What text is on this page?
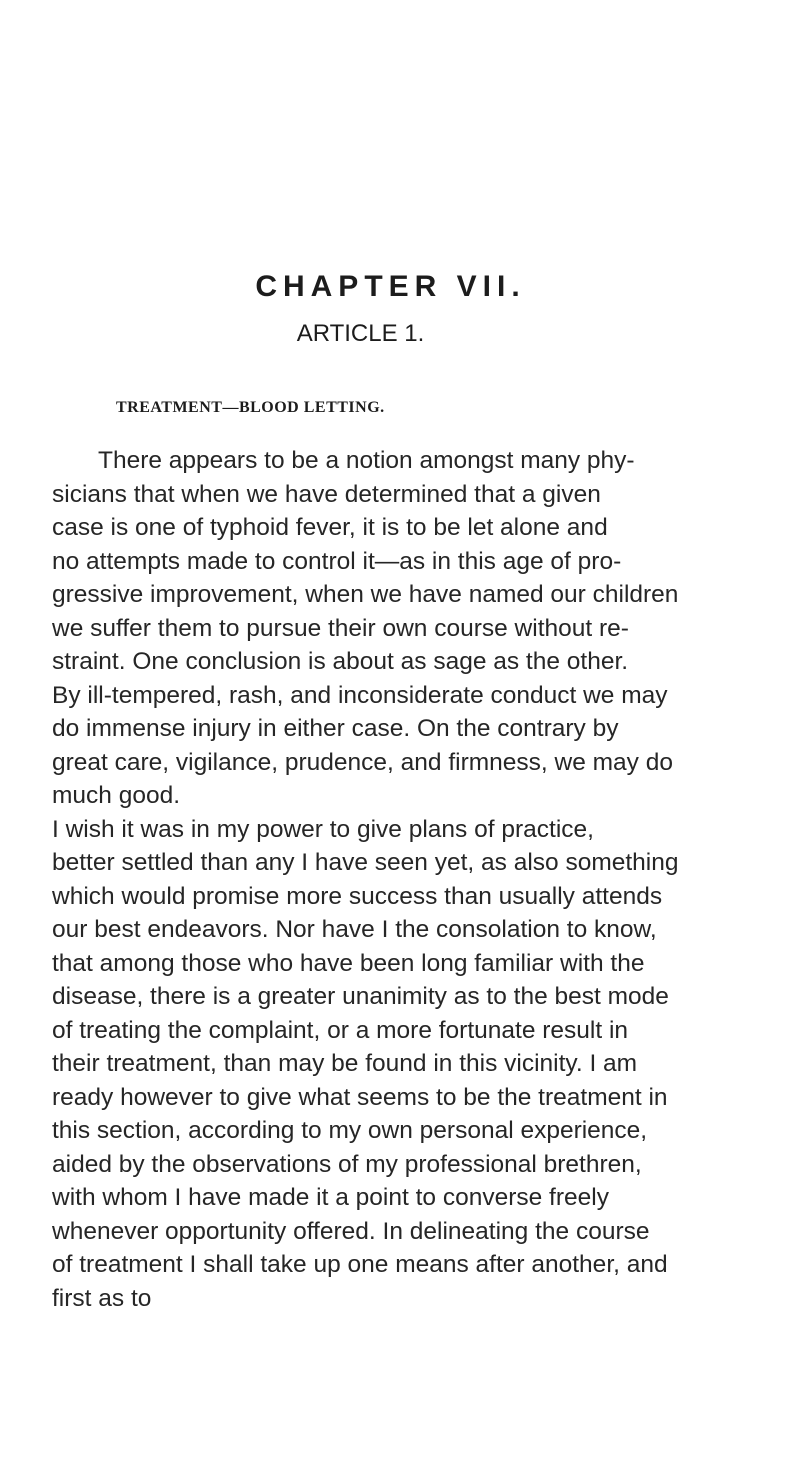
CHAPTER VII.
ARTICLE 1.
TREATMENT—BLOOD LETTING.
There appears to be a notion amongst many phy-
sicians that when we have determined that a given
case is one of typhoid fever, it is to be let alone and
no attempts made to control it—as in this age of pro-
gressive improvement, when we have named our children
we suffer them to pursue their own course without re-
straint. One conclusion is about as sage as the other.
By ill-tempered, rash, and inconsiderate conduct we may
do immense injury in either case. On the contrary by
great care, vigilance, prudence, and firmness, we may do
much good.
I wish it was in my power to give plans of practice,
better settled than any I have seen yet, as also something
which would promise more success than usually attends
our best endeavors. Nor have I the consolation to know,
that among those who have been long familiar with the
disease, there is a greater unanimity as to the best mode
of treating the complaint, or a more fortunate result in
their treatment, than may be found in this vicinity. I am
ready however to give what seems to be the treatment in
this section, according to my own personal experience,
aided by the observations of my professional brethren,
with whom I have made it a point to converse freely
whenever opportunity offered. In delineating the course
of treatment I shall take up one means after another, and
first as to
